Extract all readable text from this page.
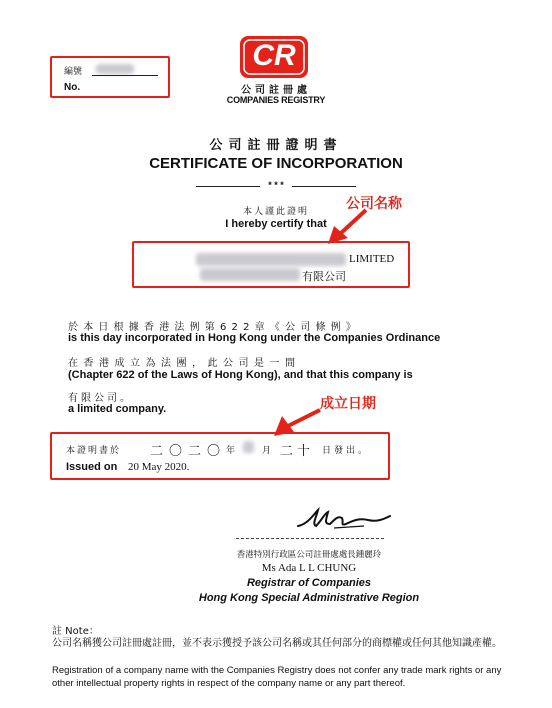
CR
公司註冊處
COMPANIES REGISTRY
編號
No.
公司註冊證明書
CERTIFICATE OF INCORPORATION
* * *
本人謹此證明
I hereby certify that
公司名称
LIMITED
有限公司
於本日根據香港法例第622章《公司條例》
is this day incorporated in Hong Kong under the Companies Ordinance
在香港成立為法團，此公司是一間
(Chapter 622 of the Laws of Hong Kong), and that this company is
有限公司。
a limited company.	成立日期
本證明書於 二〇二〇 年	月 二十 日發出。
Issued on 20 May 2020.
香港特別行政區公司註冊處處長鍾麗玲
Ms Ada L L CHUNG
Registrar of Companies
Hong Kong Special Administrative Region
註 Note：
公司名稱獲公司註冊處註冊，並不表示獲授予該公司名稱或其任何部分的商標權或任何其他知識產權。
Registration of a company name with the Companies Registry does not confer any trade mark rights or any other intellectual property rights in respect of the company name or any part thereof.
